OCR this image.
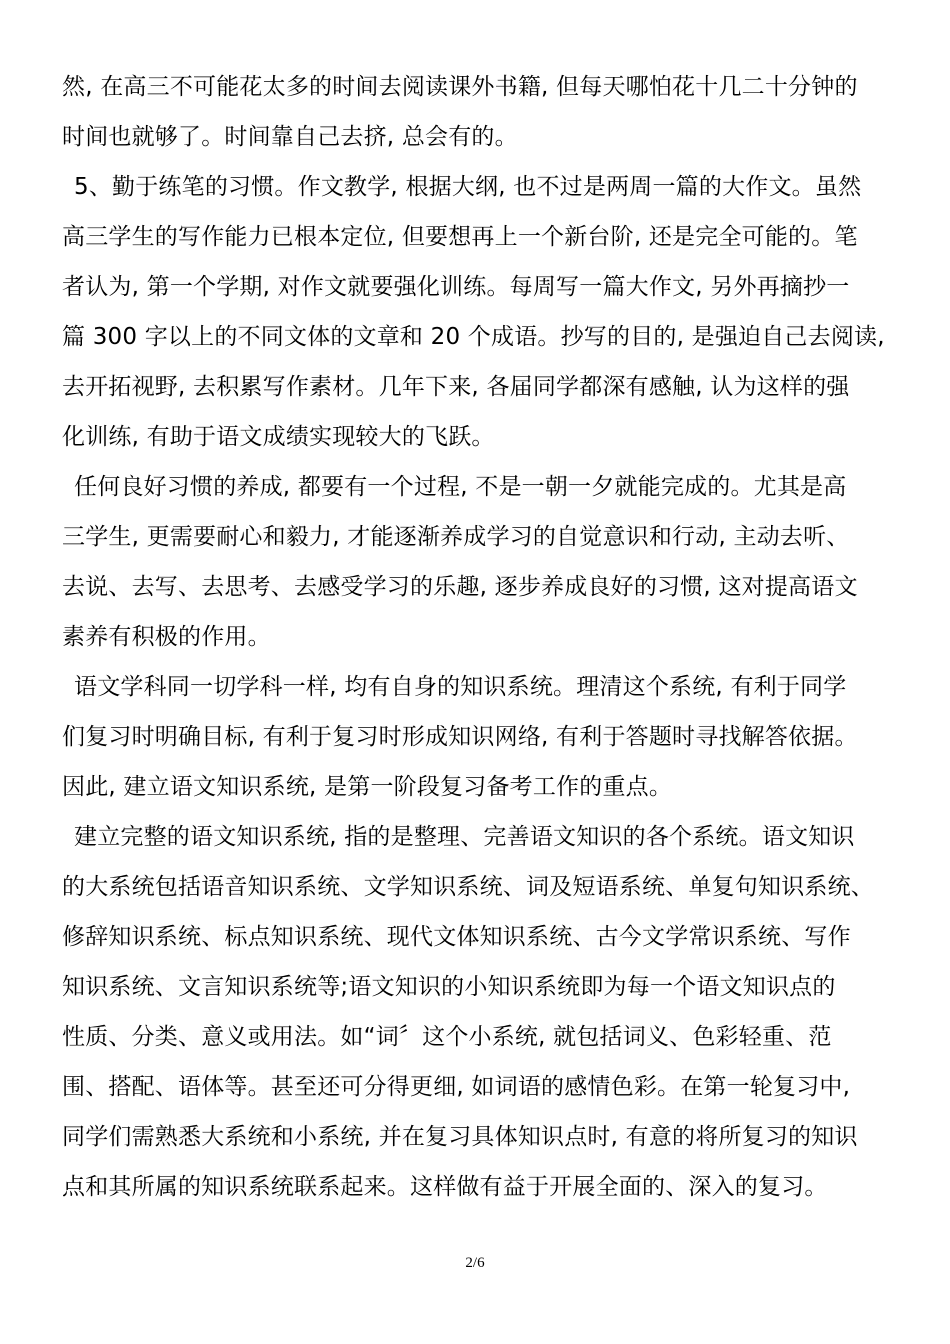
然, 在高三不可能花太多的时间去阅读课外书籍, 但每天哪怕花十几二十分钟的
时间也就够了。时间靠自己去挤, 总会有的。
5、勤于练笔的习惯。作文教学, 根据大纲, 也不过是两周一篇的大作文。虽然
高三学生的写作能力已根本定位, 但要想再上一个新台阶, 还是完全可能的。笔
者认为, 第一个学期, 对作文就要强化训练。每周写一篇大作文, 另外再摘抄一
篇 300 字以上的不同文体的文章和 20 个成语。抄写的目的, 是强迫自己去阅读,
去开拓视野, 去积累写作素材。几年下来, 各届同学都深有感触, 认为这样的强
化训练, 有助于语文成绩实现较大的飞跃。
任何良好习惯的养成, 都要有一个过程, 不是一朝一夕就能完成的。尤其是高
三学生, 更需要耐心和毅力, 才能逐渐养成学习的自觉意识和行动, 主动去听、
去说、去写、去思考、去感受学习的乐趣, 逐步养成良好的习惯, 这对提高语文
素养有积极的作用。
语文学科同一切学科一样, 均有自身的知识系统。理清这个系统, 有利于同学
们复习时明确目标, 有利于复习时形成知识网络, 有利于答题时寻找解答依据。
因此, 建立语文知识系统, 是第一阶段复习备考工作的重点。
建立完整的语文知识系统, 指的是整理、完善语文知识的各个系统。语文知识
的大系统包括语音知识系统、文学知识系统、词及短语系统、单复句知识系统、
修辞知识系统、标点知识系统、现代文体知识系统、古今文学常识系统、写作
知识系统、文言知识系统等;语文知识的小知识系统即为每一个语文知识点的
性质、分类、意义或用法。如“词〞这个小系统, 就包括词义、色彩轻重、范
围、搭配、语体等。甚至还可分得更细, 如词语的感情色彩。在第一轮复习中,
同学们需熟悉大系统和小系统, 并在复习具体知识点时, 有意的将所复习的知识
点和其所属的知识系统联系起来。这样做有益于开展全面的、深入的复习。
2/6
